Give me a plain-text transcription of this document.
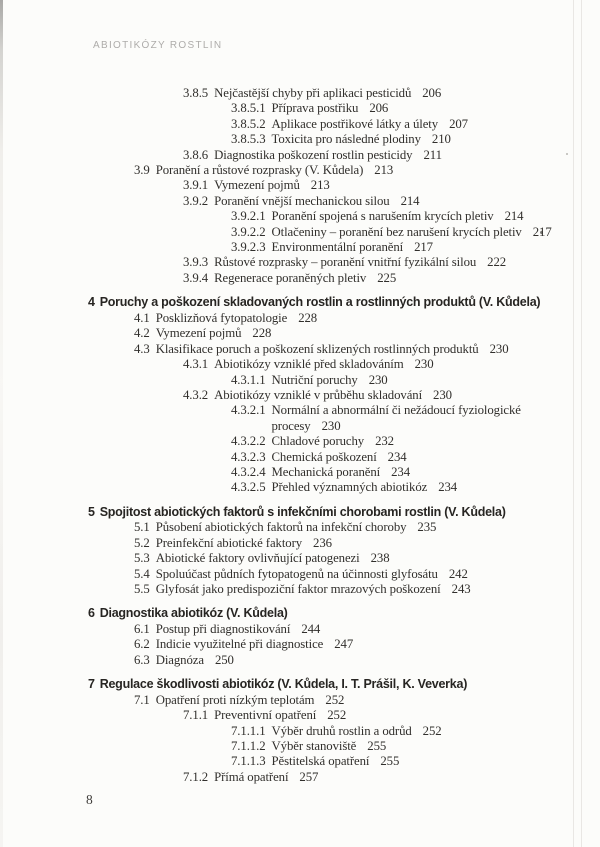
ABIOTIKÓZY ROSTLIN
3.8.5 Nejčastější chyby při aplikaci pesticidů 206
3.8.5.1 Příprava postřiku 206
3.8.5.2 Aplikace postřikové látky a úlety 207
3.8.5.3 Toxicita pro následné plodiny 210
3.8.6 Diagnostika poškození rostlin pesticidy 211
3.9 Poranění a růstové rozprasky (V. Kůdela) 213
3.9.1 Vymezení pojmů 213
3.9.2 Poranění vnější mechanickou silou 214
3.9.2.1 Poranění spojená s narušením krycích pletiv 214
3.9.2.2 Otlačeniny – poranění bez narušení krycích pletiv 217
3.9.2.3 Environmentální poranění 217
3.9.3 Růstové rozprasky – poranění vnitřní fyzikální silou 222
3.9.4 Regenerace poraněných pletiv 225
4 Poruchy a poškození skladovaných rostlin a rostlinných produktů (V. Kůdela)
4.1 Posklizňová fytopatologie 228
4.2 Vymezení pojmů 228
4.3 Klasifikace poruch a poškození sklizených rostlinných produktů 230
4.3.1 Abiotikózy vzniklé před skladováním 230
4.3.1.1 Nutriční poruchy 230
4.3.2 Abiotikózy vzniklé v průběhu skladování 230
4.3.2.1 Normální a abnormální či nežádoucí fyziologické
procesy 230
4.3.2.2 Chladové poruchy 232
4.3.2.3 Chemická poškození 234
4.3.2.4 Mechanická poranění 234
4.3.2.5 Přehled významných abiotikóz 234
5 Spojitost abiotických faktorů s infekčními chorobami rostlin (V. Kůdela)
5.1 Působení abiotických faktorů na infekční choroby 235
5.2 Preinfekční abiotické faktory 236
5.3 Abiotické faktory ovlivňující patogenezi 238
5.4 Spoluúčast půdních fytopatogenů na účinnosti glyfosátu 242
5.5 Glyfosát jako predispoziční faktor mrazových poškození 243
6 Diagnostika abiotikóz (V. Kůdela)
6.1 Postup při diagnostikování 244
6.2 Indicie využitelné při diagnostice 247
6.3 Diagnóza 250
7 Regulace škodlivosti abiotikóz (V. Kůdela, I. T. Prášil, K. Veverka)
7.1 Opatření proti nízkým teplotám 252
7.1.1 Preventivní opatření 252
7.1.1.1 Výběr druhů rostlin a odrůd 252
7.1.1.2 Výběr stanoviště 255
7.1.1.3 Pěstitelská opatření 255
7.1.2 Přímá opatření 257
8
